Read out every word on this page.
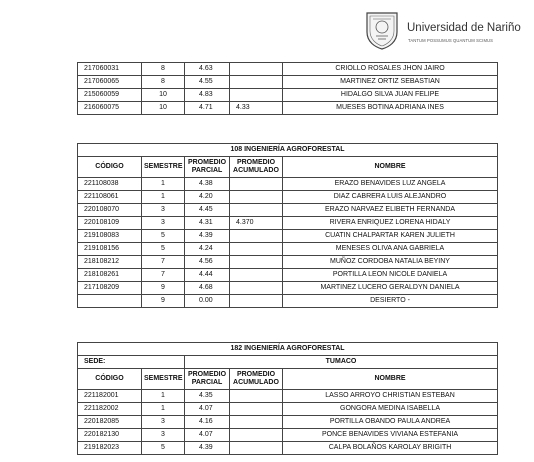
Universidad de Nariño
TANTUM POSSUMUS QUANTUM SCIMUS
217060031	8	4.63		CRIOLLO ROSALES JHON JAIRO
217060065	8	4.55		MARTINEZ ORTIZ SEBASTIAN
215060059	10	4.83		HIDALGO SILVA JUAN FELIPE
216060075	10	4.71	4.33	MUESES BOTINA ADRIANA INES
108 INGENIERÍA AGROFORESTAL				
CÓDIGO	SEMESTRE	PROMEDIO PARCIAL	PROMEDIO ACUMULADO	NOMBRE
221108038	1	4.38		ERAZO BENAVIDES LUZ ANGELA
221108061	1	4.20		DIAZ CABRERA LUIS ALEJANDRO
220108070	3	4.45		ERAZO NARVAEZ ELIBETH FERNANDA
220108109	3	4.31	4.370	RIVERA ENRIQUEZ LORENA HIDALY
219108083	5	4.39		CUATIN CHALPARTAR KAREN JULIETH
219108156	5	4.24		MENESES OLIVA ANA GABRIELA
218108212	7	4.56		MUÑOZ CORDOBA NATALIA BEYINY
218108261	7	4.44		PORTILLA LEON NICOLE DANIELA
217108209	9	4.68		MARTINEZ LUCERO GERALDYN DANIELA
	9	0.00		DESIERTO -
182 INGENIERÍA AGROFORESTAL				
SEDE:		TUMACO		
CÓDIGO	SEMESTRE	PROMEDIO PARCIAL	PROMEDIO ACUMULADO	NOMBRE
221182001	1	4.35		LASSO ARROYO CHRISTIAN ESTEBAN
221182002	1	4.07		GONGORA MEDINA ISABELLA
220182085	3	4.16		PORTILLA OBANDO PAULA ANDREA
220182130	3	4.07		PONCE BENAVIDES VIVIANA ESTEFANIA
219182023	5	4.39		CALPA BOLAÑOS KAROLAY BRIGITH
